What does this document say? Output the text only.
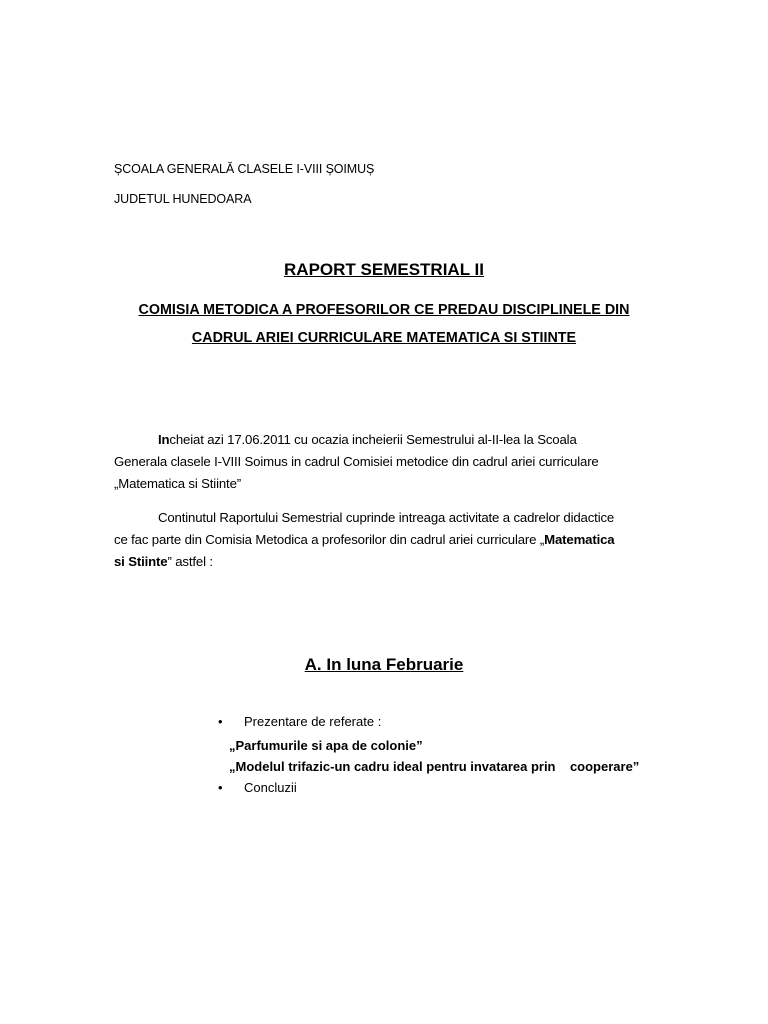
ȘCOALA GENERALĂ CLASELE I-VIII ȘOIMUȘ
JUDETUL HUNEDOARA
RAPORT SEMESTRIAL II
COMISIA METODICA A PROFESORILOR CE PREDAU DISCIPLINELE DIN
CADRUL ARIEI CURRICULARE MATEMATICA SI STIINTE
Incheiat azi 17.06.2011 cu ocazia incheierii Semestrului al-II-lea la Scoala
Generala clasele I-VIII Soimus in cadrul Comisiei metodice din cadrul ariei curriculare
„Matematica si Stiinte”
Continutul Raportului Semestrial cuprinde intreaga activitate a cadrelor didactice
ce fac parte din Comisia Metodica a profesorilor din cadrul ariei curriculare „Matematica
si Stiinte” astfel :
A. In luna Februarie
• Prezentare de referate :
„Parfumurile si apa de colonie”
„Modelul trifazic-un cadru ideal pentru invatarea prin    cooperare”
• Concluzii
